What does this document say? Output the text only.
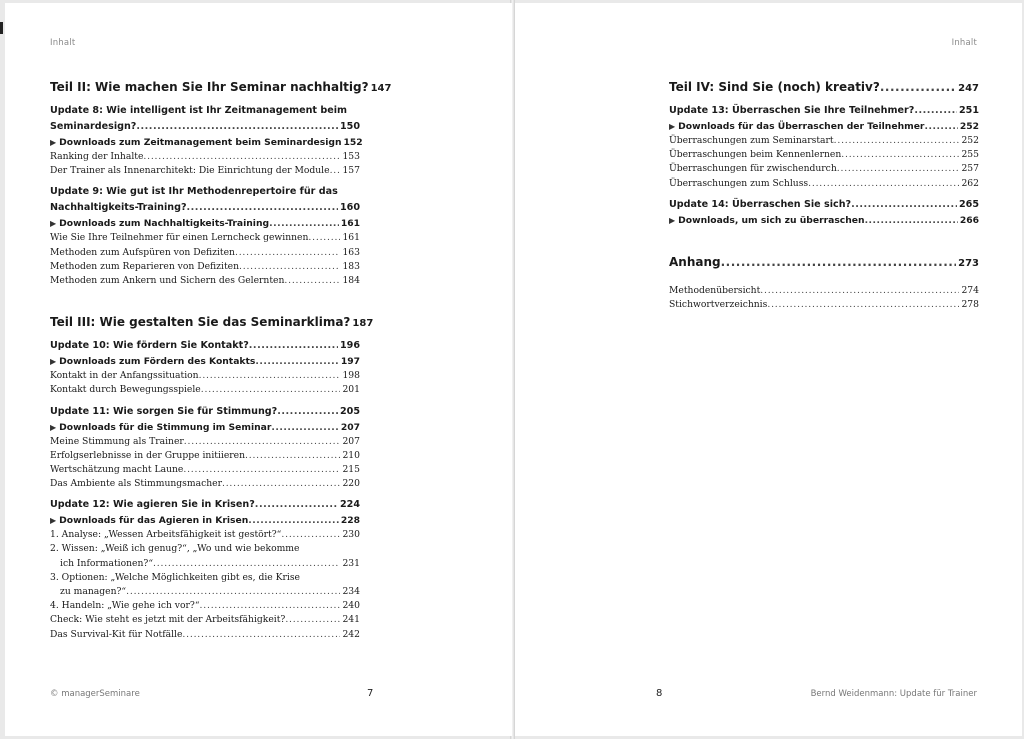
Inhalt
Teil II: Wie machen Sie Ihr Seminar nachhaltig? 147
Update 8: Wie intelligent ist Ihr Zeitmanagement beim
Seminardesign? .....	150
▶ Downloads zum Zeitmanagement beim Seminardesign 152
Ranking der Inhalte .....	153
Der Trainer als Innenarchitekt: Die Einrichtung der Module ..... 157
Update 9: Wie gut ist Ihr Methodenrepertoire für das
Nachhaltigkeits-Training? .....	160
▶ Downloads zum Nachhaltigkeits-Training .....	161
Wie Sie Ihre Teilnehmer für einen Lerncheck gewinnen .....	161
Methoden zum Aufspüren von Defiziten .....	163
Methoden zum Reparieren von Defiziten .....	183
Methoden zum Ankern und Sichern des Gelernten .....	184
Teil III: Wie gestalten Sie das Seminarklima? 187
Update 10: Wie fördern Sie Kontakt? .....	196
▶ Downloads zum Fördern des Kontakts .....	197
Kontakt in der Anfangssituation .....	198
Kontakt durch Bewegungsspiele .....	201
Update 11: Wie sorgen Sie für Stimmung? .....	205
▶ Downloads für die Stimmung im Seminar .....	207
Meine Stimmung als Trainer .....	207
Erfolgserlebnisse in der Gruppe initiieren .....	210
Wertschätzung macht Laune .....	215
Das Ambiente als Stimmungsmacher .....	220
Update 12: Wie agieren Sie in Krisen? .....	224
▶ Downloads für das Agieren in Krisen .....	228
1. Analyse: „Wessen Arbeitsfähigkeit ist gestört?“ .....	230
2. Wissen: „Weiß ich genug?“, „Wo und wie bekomme
ich Informationen?“ .....	231
3. Optionen: „Welche Möglichkeiten gibt es, die Krise
zu managen?“ .....	234
4. Handeln: „Wie gehe ich vor?“ .....	240
Check: Wie steht es jetzt mit der Arbeitsfähigkeit? .....	241
Das Survival-Kit für Notfälle .....	242
© managerSeminare	7
Inhalt
Teil IV: Sind Sie (noch) kreativ? .....	247
Update 13: Überraschen Sie Ihre Teilnehmer? .....	251
▶ Downloads für das Überraschen der Teilnehmer .....	252
Überraschungen zum Seminarstart .....	252
Überraschungen beim Kennenlernen .....	255
Überraschungen für zwischendurch .....	257
Überraschungen zum Schluss .....	262
Update 14: Überraschen Sie sich? .....	265
▶ Downloads, um sich zu überraschen .....	266
Anhang .....	273
Methodenübersicht .....	274
Stichwortverzeichnis .....	278
8	Bernd Weidenmann: Update für Trainer
